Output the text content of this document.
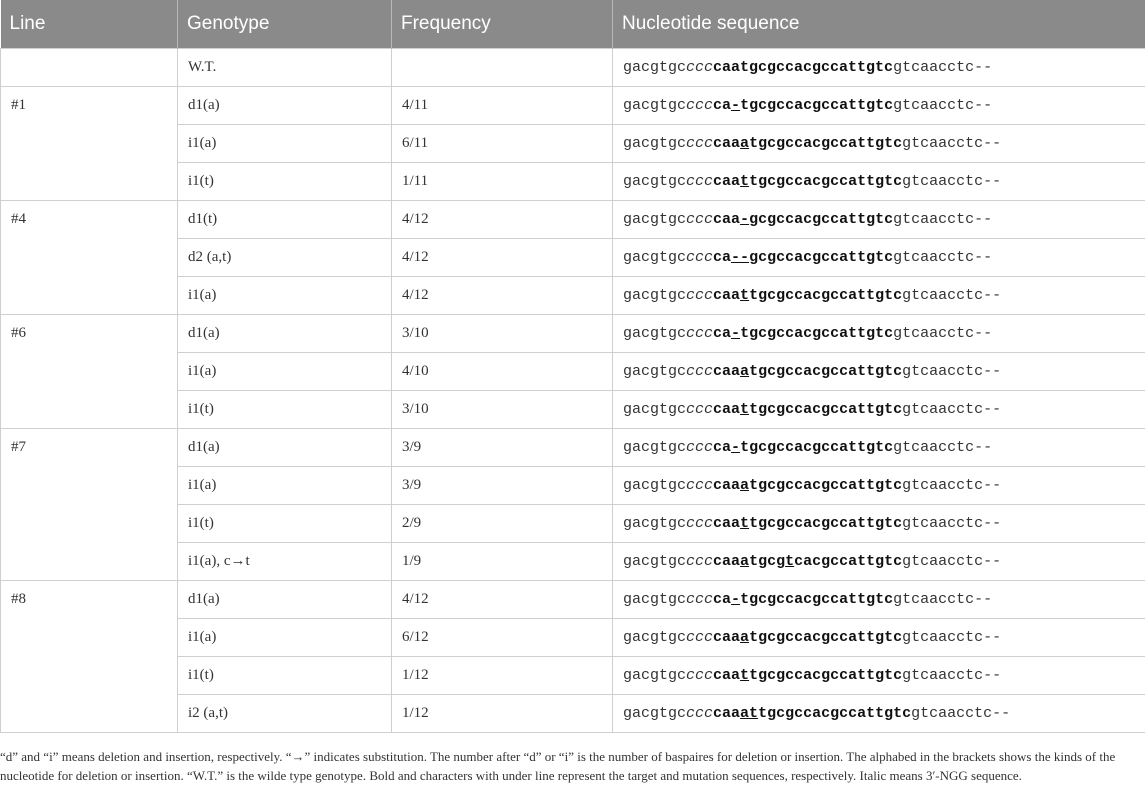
Line	Genotype	Frequency	Nucleotide sequence
	W.T.		gacgtgcccccaatgcgccacgccattgtcgtcaacctc--
#1	d1(a)	4/11	gacgtgccccca-tgcgccacgccattgtcgtcaacctc--
	i1(a)	6/11	gacgtgcccccaaatgcgccacgccattgtcgtcaacctc--
	i1(t)	1/11	gacgtgcccccaattgcgccacgccattgtcgtcaacctc--
#4	d1(t)	4/12	gacgtgcccccaa-gcgccacgccattgtcgtcaacctc--
	d2 (a,t)	4/12	gacgtgccccca--gcgccacgccattgtcgtcaacctc--
	i1(a)	4/12	gacgtgcccccaattgcgccacgccattgtcgtcaacctc--
#6	d1(a)	3/10	gacgtgccccca-tgcgccacgccattgtcgtcaacctc--
	i1(a)	4/10	gacgtgcccccaaatgcgccacgccattgtcgtcaacctc--
	i1(t)	3/10	gacgtgcccccaattgcgccacgccattgtcgtcaacctc--
#7	d1(a)	3/9	gacgtgccccca-tgcgccacgccattgtcgtcaacctc--
	i1(a)	3/9	gacgtgcccccaaatgcgccacgccattgtcgtcaacctc--
	i1(t)	2/9	gacgtgcccccaattgcgccacgccattgtcgtcaacctc--
	i1(a), c→t	1/9	gacgtgcccccaaatgcgtcacgccattgtcgtcaacctc--
#8	d1(a)	4/12	gacgtgccccca-tgcgccacgccattgtcgtcaacctc--
	i1(a)	6/12	gacgtgcccccaaatgcgccacgccattgtcgtcaacctc--
	i1(t)	1/12	gacgtgcccccaattgcgccacgccattgtcgtcaacctc--
	i2 (a,t)	1/12	gacgtgcccccaaattgcgccacgccattgtcgtcaacctc--
“d” and “i” means deletion and insertion, respectively. “→” indicates substitution. The number after “d” or “i” is the number of baspaires for deletion or insertion. The alphabed in the brackets shows the kinds of the nucleotide for deletion or insertion. “W.T.” is the wilde type genotype. Bold and characters with under line represent the target and mutation sequences, respectively. Italic means 3′-NGG sequence.
